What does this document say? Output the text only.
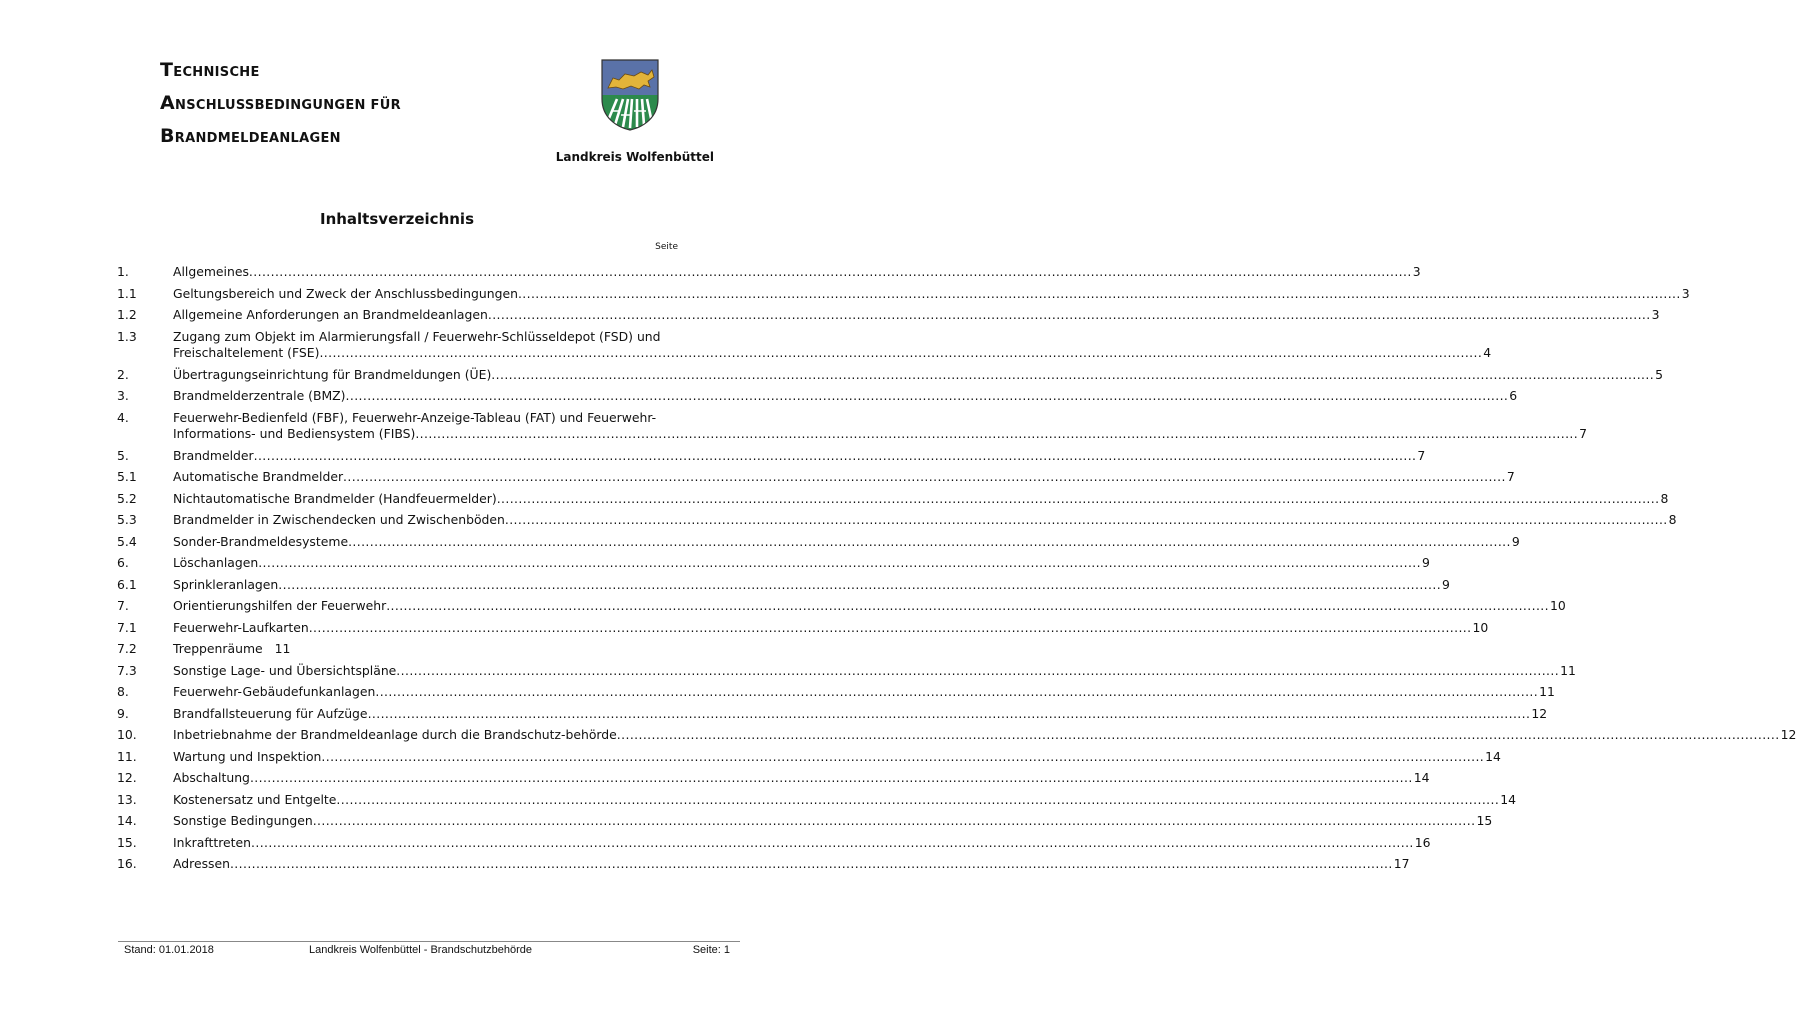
TECHNISCHE
ANSCHLUSSBEDINGUNGEN FÜR
BRANDMELDEANLAGEN
Landkreis Wolfenbüttel
Inhaltsverzeichnis
Seite
1.	Allgemeines .....	3
1.1	Geltungsbereich und Zweck der Anschlussbedingungen .....	3
1.2	Allgemeine Anforderungen an Brandmeldeanlagen .....	3
1.3	Zugang zum Objekt im Alarmierungsfall / Feuerwehr-Schlüsseldepot (FSD) und
Freischaltelement (FSE) .....	4
2.	Übertragungseinrichtung für Brandmeldungen (ÜE) .....	5
3.	Brandmelderzentrale (BMZ) .....	6
4.	Feuerwehr-Bedienfeld (FBF), Feuerwehr-Anzeige-Tableau (FAT) und Feuerwehr-
Informations- und Bediensystem (FIBS) .....	7
5.	Brandmelder .....	7
5.1	Automatische Brandmelder .....	7
5.2	Nichtautomatische Brandmelder (Handfeuermelder) .....	8
5.3	Brandmelder in Zwischendecken und Zwischenböden .....	8
5.4	Sonder-Brandmeldesysteme .....	9
6.	Löschanlagen .....	9
6.1	Sprinkleranlagen .....	9
7.	Orientierungshilfen der Feuerwehr .....	10
7.1	Feuerwehr-Laufkarten .....	10
7.2	Treppenräume 11
7.3	Sonstige Lage- und Übersichtspläne .....	11
8.	Feuerwehr-Gebäudefunkanlagen .....	11
9.	Brandfallsteuerung für Aufzüge .....	12
10.	Inbetriebnahme der Brandmeldeanlage durch die Brandschutz-behörde .....	12
11.	Wartung und Inspektion .....	14
12.	Abschaltung .....	14
13.	Kostenersatz und Entgelte .....	14
14.	Sonstige Bedingungen .....	15
15.	Inkrafttreten .....	16
16.	Adressen .....	17
Stand: 01.01.2018	Landkreis Wolfenbüttel - Brandschutzbehörde	Seite: 1
